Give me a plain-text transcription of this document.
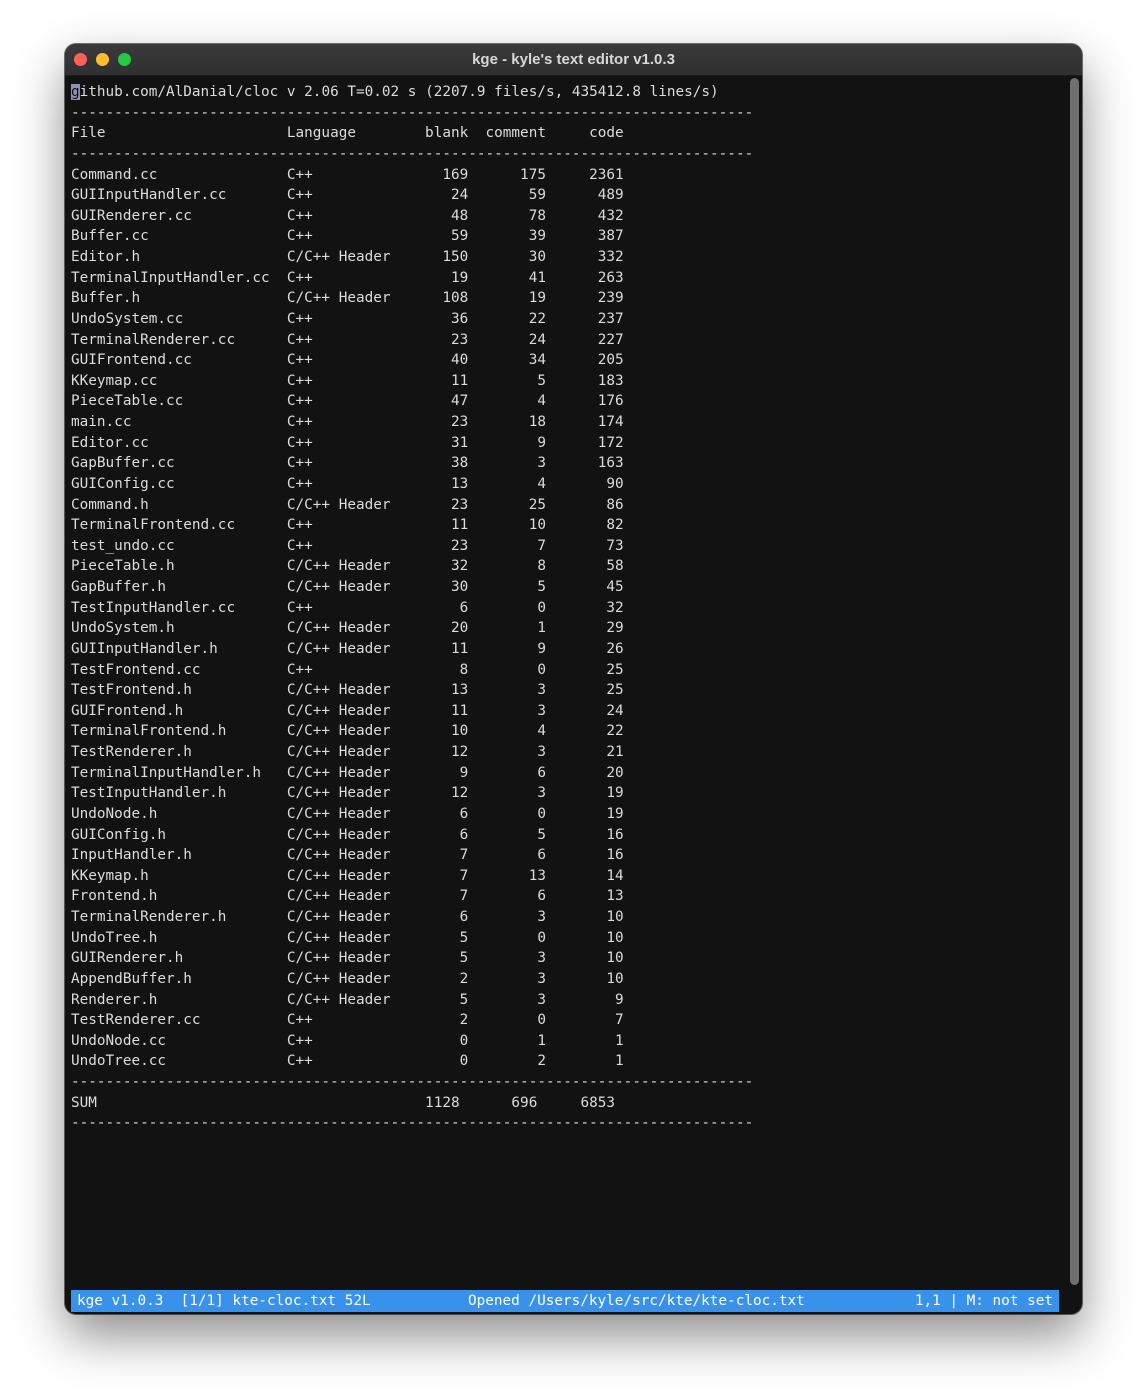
kge - kyle's text editor v1.0.3
github.com/AlDanial/cloc v 2.06 T=0.02 s (2207.9 files/s, 435412.8 lines/s)
-------------------------------------------------------------------------------
File                     Language        blank  comment     code
-------------------------------------------------------------------------------
Command.cc               C++               169      175     2361
GUIInputHandler.cc       C++                24       59      489
GUIRenderer.cc           C++                48       78      432
Buffer.cc                C++                59       39      387
Editor.h                 C/C++ Header      150       30      332
TerminalInputHandler.cc  C++                19       41      263
Buffer.h                 C/C++ Header      108       19      239
UndoSystem.cc            C++                36       22      237
TerminalRenderer.cc      C++                23       24      227
GUIFrontend.cc           C++                40       34      205
KKeymap.cc               C++                11        5      183
PieceTable.cc            C++                47        4      176
main.cc                  C++                23       18      174
Editor.cc                C++                31        9      172
GapBuffer.cc             C++                38        3      163
GUIConfig.cc             C++                13        4       90
Command.h                C/C++ Header       23       25       86
TerminalFrontend.cc      C++                11       10       82
test_undo.cc             C++                23        7       73
PieceTable.h             C/C++ Header       32        8       58
GapBuffer.h              C/C++ Header       30        5       45
TestInputHandler.cc      C++                 6        0       32
UndoSystem.h             C/C++ Header       20        1       29
GUIInputHandler.h        C/C++ Header       11        9       26
TestFrontend.cc          C++                 8        0       25
TestFrontend.h           C/C++ Header       13        3       25
GUIFrontend.h            C/C++ Header       11        3       24
TerminalFrontend.h       C/C++ Header       10        4       22
TestRenderer.h           C/C++ Header       12        3       21
TerminalInputHandler.h   C/C++ Header        9        6       20
TestInputHandler.h       C/C++ Header       12        3       19
UndoNode.h               C/C++ Header        6        0       19
GUIConfig.h              C/C++ Header        6        5       16
InputHandler.h           C/C++ Header        7        6       16
KKeymap.h                C/C++ Header        7       13       14
Frontend.h               C/C++ Header        7        6       13
TerminalRenderer.h       C/C++ Header        6        3       10
UndoTree.h               C/C++ Header        5        0       10
GUIRenderer.h            C/C++ Header        5        3       10
AppendBuffer.h           C/C++ Header        2        3       10
Renderer.h               C/C++ Header        5        3        9
TestRenderer.cc          C++                 2        0        7
UndoNode.cc              C++                 0        1        1
UndoTree.cc              C++                 0        2        1
-------------------------------------------------------------------------------
SUM                                      1128      696     6853
-------------------------------------------------------------------------------

kge v1.0.3  [1/1] kte-cloc.txt 52L

	Opened /Users/kyle/src/kte/kte-cloc.txt

	1,1 | M: not set
